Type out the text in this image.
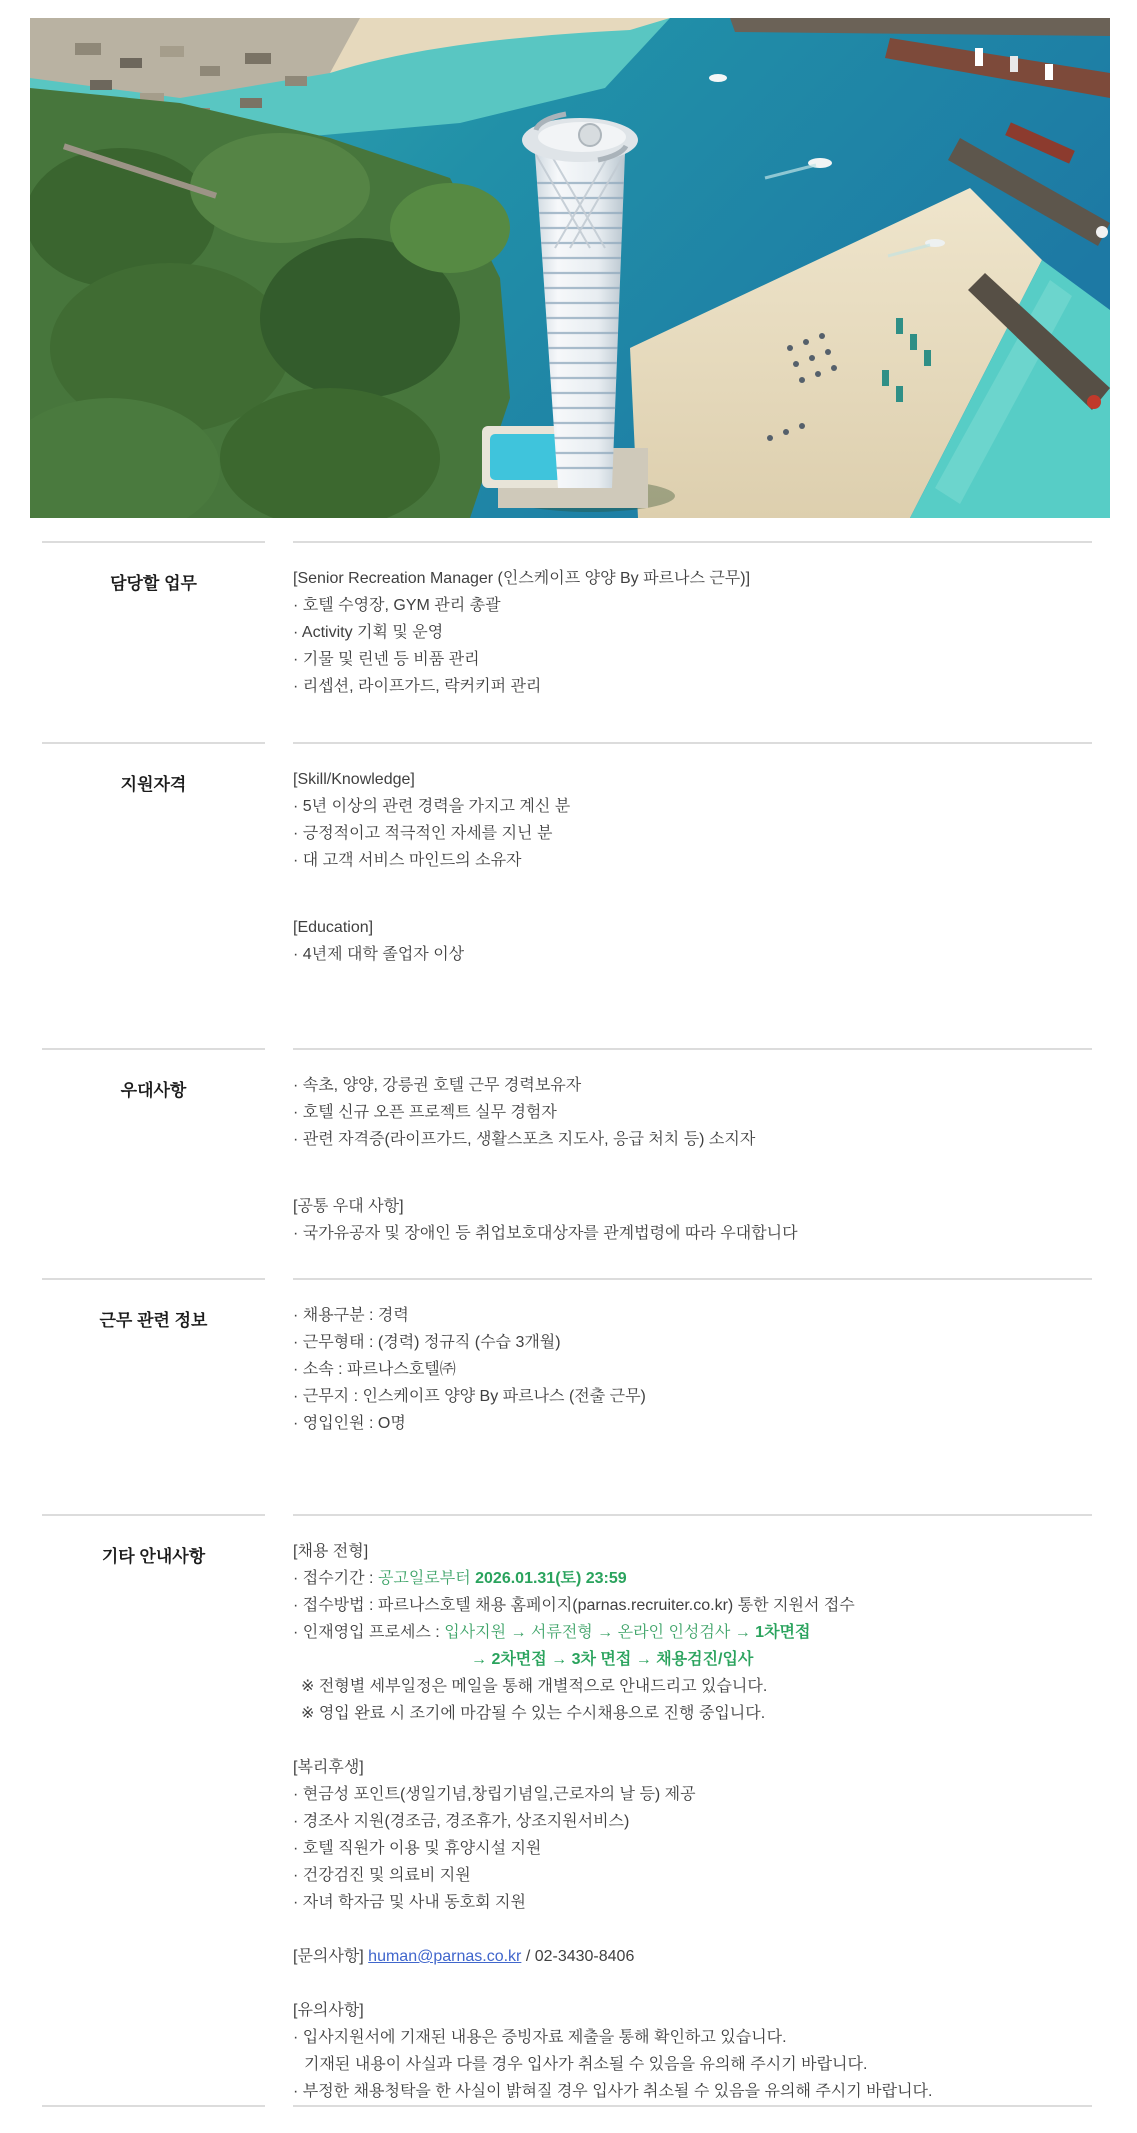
담당할 업무	[Senior Recreation Manager (인스케이프 양양 By 파르나스 근무)]

· 호텔 수영장, GYM 관리 총괄

· Activity 기획 및 운영

· 기물 및 린넨 등 비품 관리

· 리셉션, 라이프가드, 락커키퍼 관리

지원자격	[Skill/Knowledge]

· 5년 이상의 관련 경력을 가지고 계신 분

· 긍정적이고 적극적인 자세를 지닌 분

· 대 고객 서비스 마인드의 소유자

[Education]

· 4년제 대학 졸업자 이상

우대사항	· 속초, 양양, 강릉권 호텔 근무 경력보유자

· 호텔 신규 오픈 프로젝트 실무 경험자

· 관련 자격증(라이프가드, 생활스포츠 지도사, 응급 처치 등) 소지자

[공통 우대 사항]

· 국가유공자 및 장애인 등 취업보호대상자를 관계법령에 따라 우대합니다

근무 관련 정보	· 채용구분 : 경력

· 근무형태 : (경력) 정규직 (수습 3개월)

· 소속 : 파르나스호텔㈜

· 근무지 : 인스케이프 양양 By 파르나스 (전출 근무)

· 영입인원 : O명

기타 안내사항	[채용 전형]

· 접수기간 : 공고일로부터 2026.01.31(토) 23:59

· 접수방법 : 파르나스호텔 채용 홈페이지(parnas.recruiter.co.kr) 통한 지원서 접수

· 인재영입 프로세스 : 입사지원 → 서류전형 → 온라인 인성검사 → 1차면접

→ 2차면접 → 3차 면접 → 채용검진/입사

※ 전형별 세부일정은 메일을 통해 개별적으로 안내드리고 있습니다.

※ 영입 완료 시 조기에 마감될 수 있는 수시채용으로 진행 중입니다.

[복리후생]

· 현금성 포인트(생일기념,창립기념일,근로자의 날 등) 제공

· 경조사 지원(경조금, 경조휴가, 상조지원서비스)

· 호텔 직원가 이용 및 휴양시설 지원

· 건강검진 및 의료비 지원

· 자녀 학자금 및 사내 동호회 지원

[문의사항] human@parnas.co.kr / 02-3430-8406

[유의사항]

· 입사지원서에 기재된 내용은 증빙자료 제출을 통해 확인하고 있습니다.

기재된 내용이 사실과 다를 경우 입사가 취소될 수 있음을 유의해 주시기 바랍니다.

· 부정한 채용청탁을 한 사실이 밝혀질 경우 입사가 취소될 수 있음을 유의해 주시기 바랍니다.
